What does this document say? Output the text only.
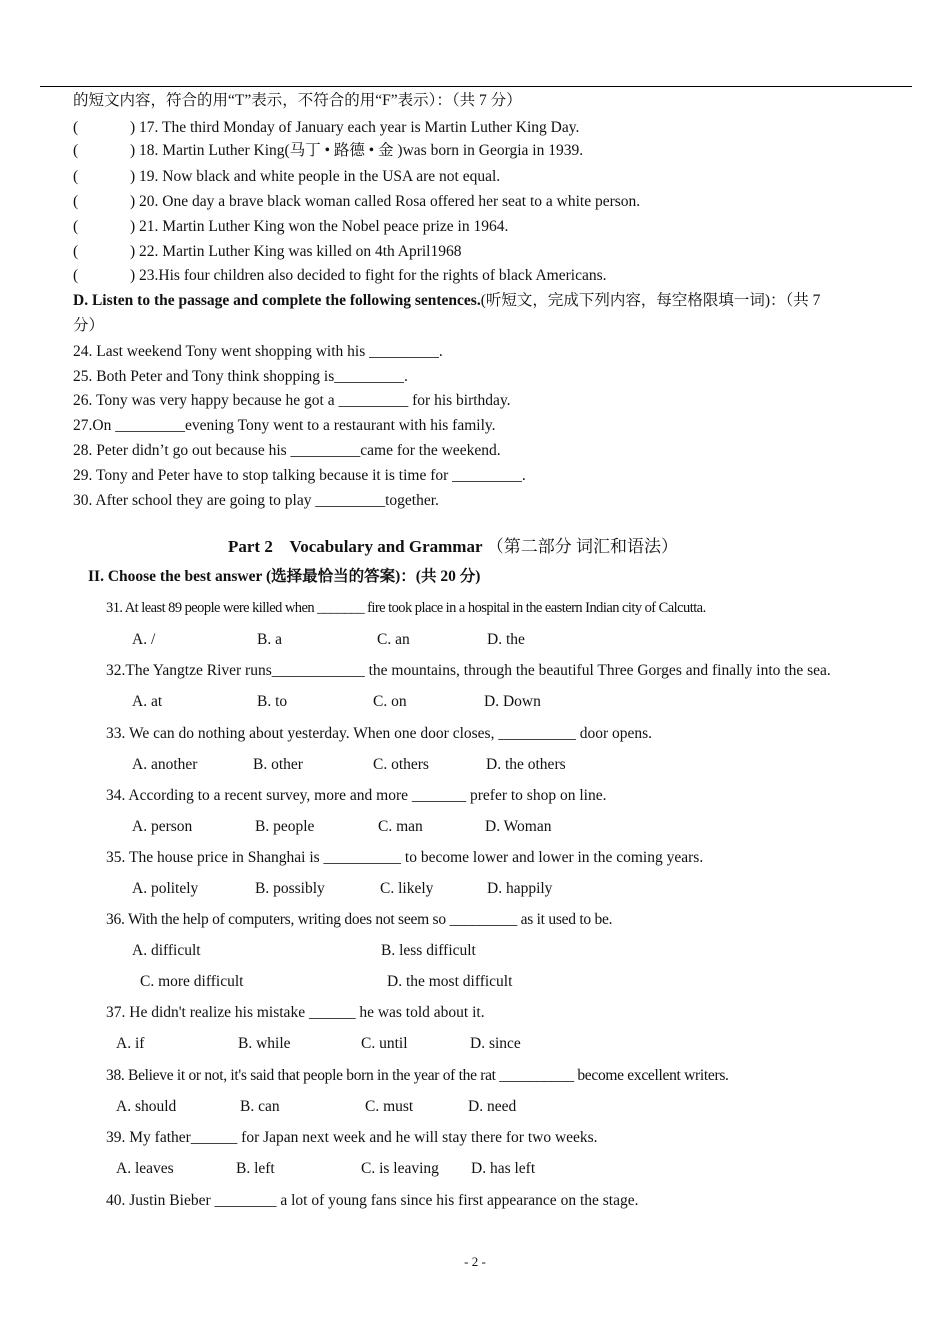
的短文内容，符合的用“T”表示，不符合的用“F”表示）：（共 7 分）
(	) 17. The third Monday of January each year is Martin Luther King Day.
(	) 18. Martin Luther King(马丁 • 路德 • 金 )was born in Georgia in 1939.
(	) 19. Now black and white people in the USA are not equal.
(	) 20. One day a brave black woman called Rosa offered her seat to a white person.
(	) 21. Martin Luther King won the Nobel peace prize in 1964.
(	) 22. Martin Luther King was killed on 4th April1968
(	) 23.His four children also decided to fight for the rights of black Americans.
D. Listen to the passage and complete the following sentences.(听短文，完成下列内容，每空格限填一词)：（共 7
分）
24. Last weekend Tony went shopping with his _________.
25. Both Peter and Tony think shopping is_________.
26. Tony was very happy because he got a _________ for his birthday.
27.On _________evening Tony went to a restaurant with his family.
28. Peter didn’t go out because his _________came for the weekend.
29. Tony and Peter have to stop talking because it is time for _________.
30. After school they are going to play _________together.
Part 2    Vocabulary and Grammar （第二部分 词汇和语法）
II. Choose the best answer (选择最恰当的答案)：(共 20 分)
31. At least 89 people were killed when _______ fire took place in a hospital in the eastern Indian city of Calcutta.
A. /	B. a	C. an	D. the
32.The Yangtze River runs____________ the mountains, through the beautiful Three Gorges and finally into the sea.
A. at	B. to	C. on	D. Down
33. We can do nothing about yesterday. When one door closes, __________ door opens.
A. another	B. other	C. others	D. the others
34. According to a recent survey, more and more _______ prefer to shop on line.
A. person	B. people	C. man	D. Woman
35. The house price in Shanghai is __________ to become lower and lower in the coming years.
A. politely	B. possibly	C. likely	D. happily
36. With the help of computers, writing does not seem so _________ as it used to be.
A. difficult	B. less difficult
C. more difficult	D. the most difficult
37. He didn't realize his mistake ______ he was told about it.
A. if	B. while	C. until	D. since
38. Believe it or not, it's said that people born in the year of the rat __________ become excellent writers.
A. should	B. can	C. must	D. need
39. My father______ for Japan next week and he will stay there for two weeks.
A. leaves	B. left	C. is leaving D. has left
40. Justin Bieber ________ a lot of young fans since his first appearance on the stage.
- 2 -
